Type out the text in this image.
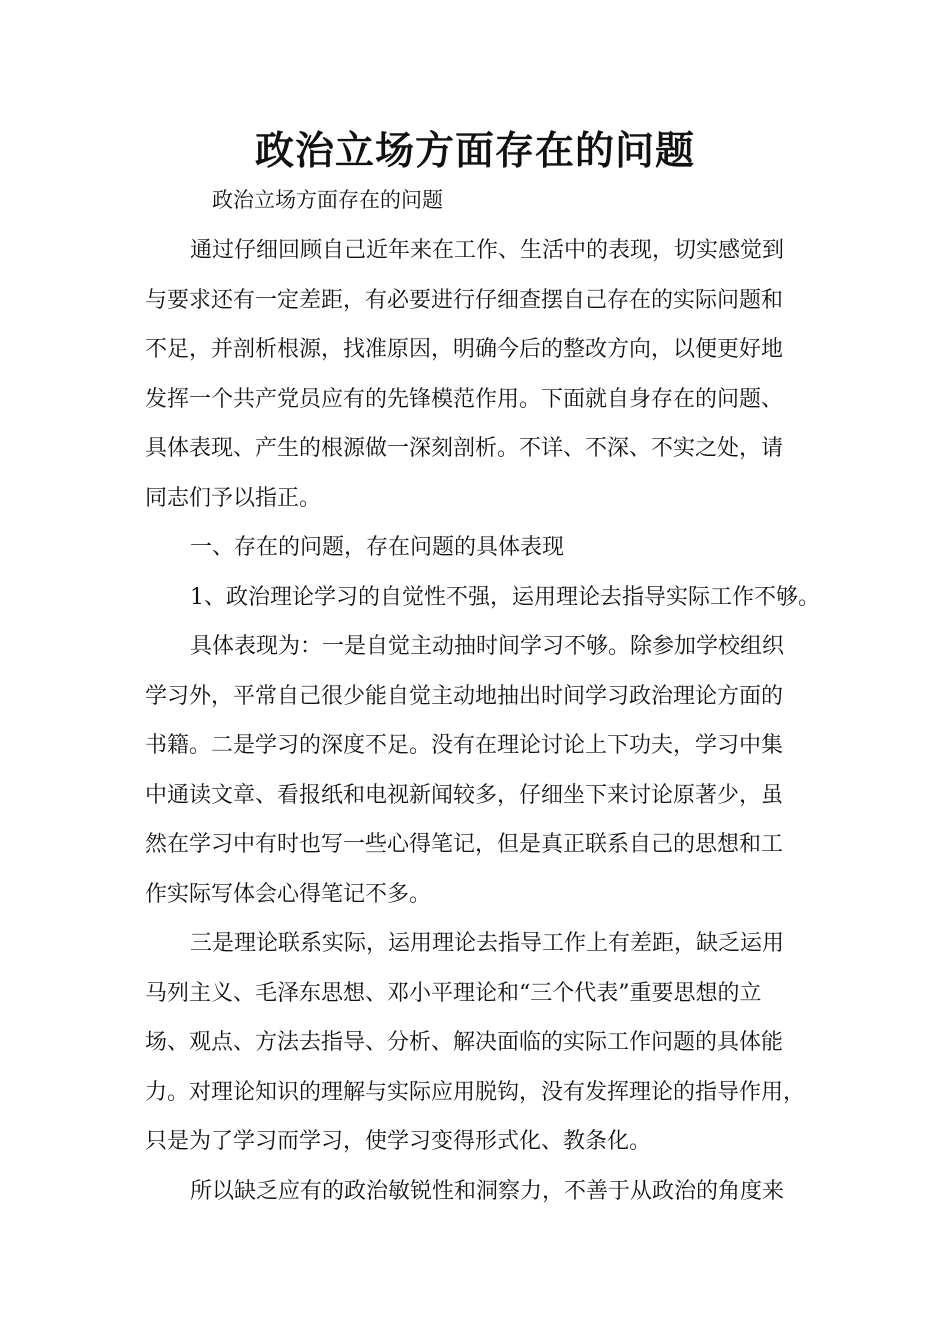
政治立场方面存在的问题

政治立场方面存在的问题

通过仔细回顾自己近年来在工作、生活中的表现，切实感觉到
与要求还有一定差距，有必要进行仔细查摆自己存在的实际问题和
不足，并剖析根源，找准原因，明确今后的整改方向，以便更好地
发挥一个共产党员应有的先锋模范作用。下面就自身存在的问题、
具体表现、产生的根源做一深刻剖析。不详、不深、不实之处，请
同志们予以指正。

一、存在的问题，存在问题的具体表现

1、政治理论学习的自觉性不强，运用理论去指导实际工作不够。

具体表现为：一是自觉主动抽时间学习不够。除参加学校组织
学习外，平常自己很少能自觉主动地抽出时间学习政治理论方面的
书籍。二是学习的深度不足。没有在理论讨论上下功夫，学习中集
中通读文章、看报纸和电视新闻较多，仔细坐下来讨论原著少，虽
然在学习中有时也写一些心得笔记，但是真正联系自己的思想和工
作实际写体会心得笔记不多。

三是理论联系实际，运用理论去指导工作上有差距，缺乏运用
马列主义、毛泽东思想、邓小平理论和“三个代表”重要思想的立
场、观点、方法去指导、分析、解决面临的实际工作问题的具体能
力。对理论知识的理解与实际应用脱钩，没有发挥理论的指导作用，
只是为了学习而学习，使学习变得形式化、教条化。

所以缺乏应有的政治敏锐性和洞察力，不善于从政治的角度来
